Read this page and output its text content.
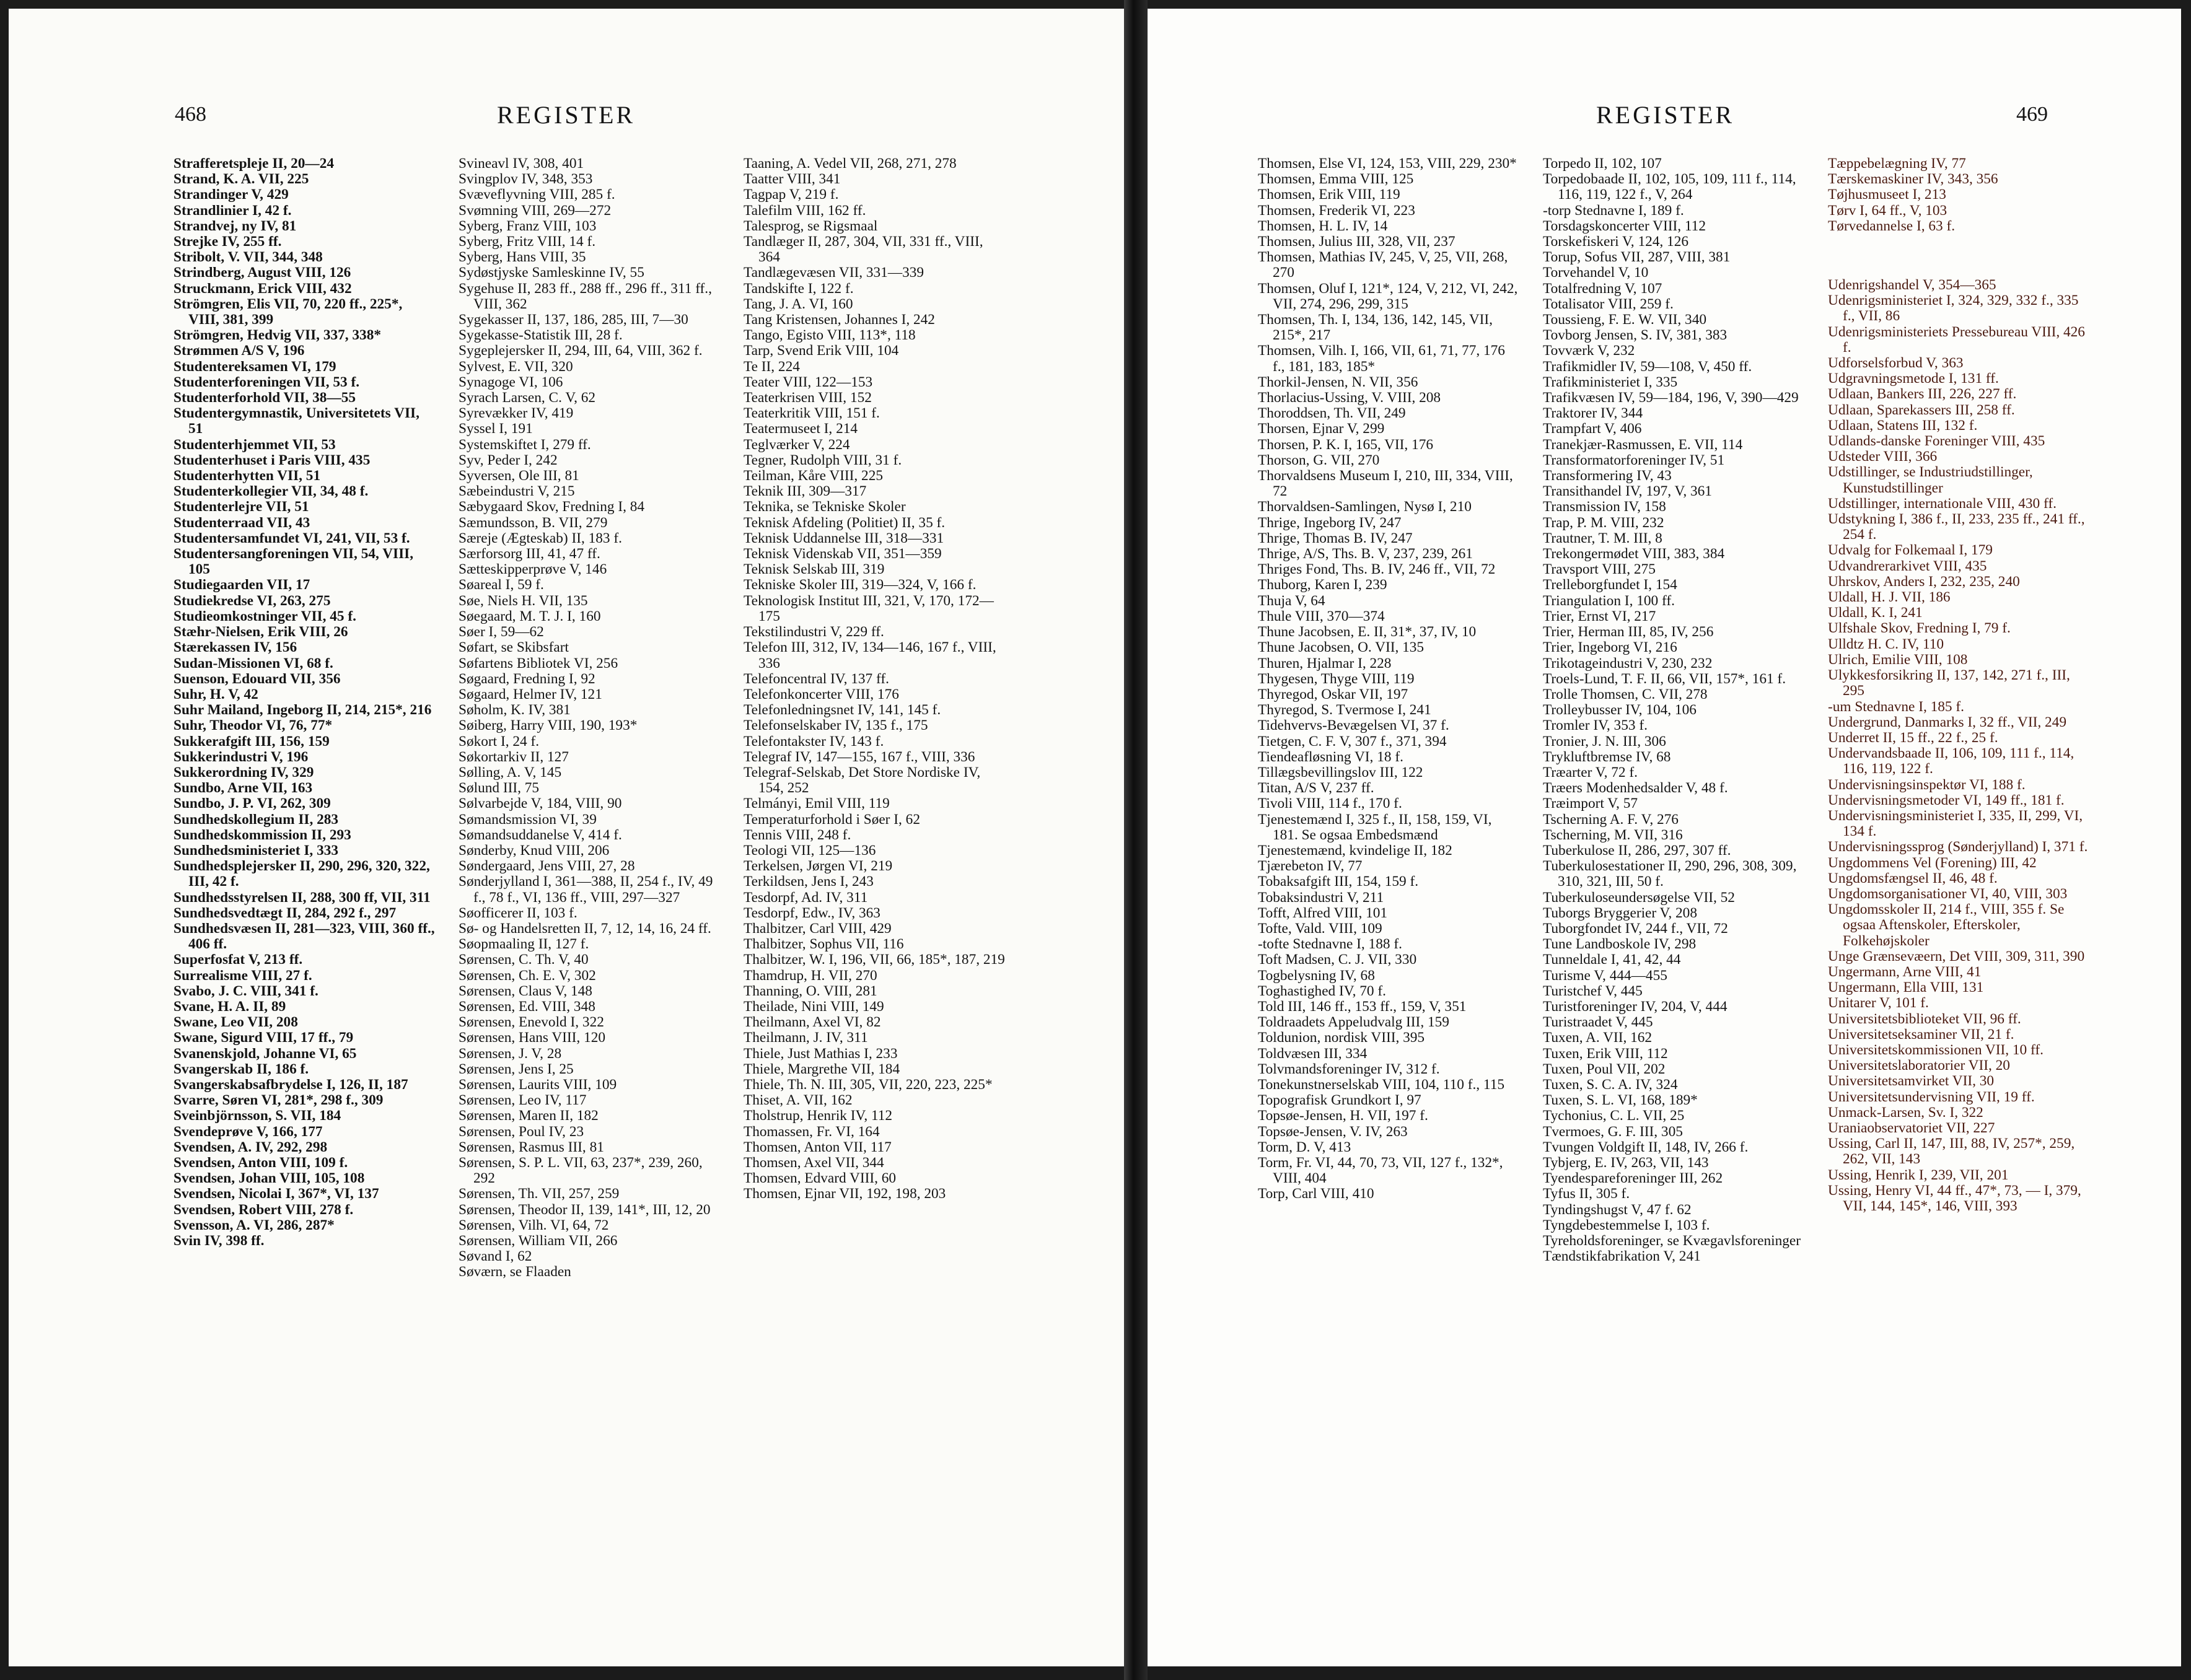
468	REGISTER
Strafferetspleje II, 20—24
Strand, K. A. VII, 225
Strandinger V, 429
Strandlinier I, 42 f.
Strandvej, ny IV, 81
Strejke IV, 255 ff.
Stribolt, V. VII, 344, 348
Strindberg, August VIII, 126
Struckmann, Erick VIII, 432
Strömgren, Elis VII, 70, 220 ff., 225*, VIII, 381, 399
Strömgren, Hedvig VII, 337, 338*
Strømmen A/S V, 196
Studentereksamen VI, 179
Studenterforeningen VII, 53 f.
Studenterforhold VII, 38—55
Studentergymnastik, Universitetets VII, 51
Studenterhjemmet VII, 53
Studenterhuset i Paris VIII, 435
Studenterhytten VII, 51
Studenterkollegier VII, 34, 48 f.
Studenterlejre VII, 51
Studenterraad VII, 43
Studentersamfundet VI, 241, VII, 53 f.
Studentersangforeningen VII, 54, VIII, 105
Studiegaarden VII, 17
Studiekredse VI, 263, 275
Studieomkostninger VII, 45 f.
Stæhr-Nielsen, Erik VIII, 26
Stærekassen IV, 156
Sudan-Missionen VI, 68 f.
Suenson, Edouard VII, 356
Suhr, H. V, 42
Suhr Mailand, Ingeborg II, 214, 215*, 216
Suhr, Theodor VI, 76, 77*
Sukkerafgift III, 156, 159
Sukkerindustri V, 196
Sukkerordning IV, 329
Sundbo, Arne VII, 163
Sundbo, J. P. VI, 262, 309
Sundhedskollegium II, 283
Sundhedskommission II, 293
Sundhedsministeriet I, 333
Sundhedsplejersker II, 290, 296, 320, 322, III, 42 f.
Sundhedsstyrelsen II, 288, 300 ff, VII, 311
Sundhedsvedtægt II, 284, 292 f., 297
Sundhedsvæsen II, 281—323, VIII, 360 ff., 406 ff.
Superfosfat V, 213 ff.
Surrealisme VIII, 27 f.
Svabo, J. C. VIII, 341 f.
Svane, H. A. II, 89
Swane, Leo VII, 208
Swane, Sigurd VIII, 17 ff., 79
Svanenskjold, Johanne VI, 65
Svangerskab II, 186 f.
Svangerskabsafbrydelse I, 126, II, 187
Svarre, Søren VI, 281*, 298 f., 309
Sveinbjörnsson, S. VII, 184
Svendeprøve V, 166, 177
Svendsen, A. IV, 292, 298
Svendsen, Anton VIII, 109 f.
Svendsen, Johan VIII, 105, 108
Svendsen, Nicolai I, 367*, VI, 137
Svendsen, Robert VIII, 278 f.
Svensson, A. VI, 286, 287*
Svin IV, 398 ff.
Svineavl IV, 308, 401
Svingplov IV, 348, 353
Svæveflyvning VIII, 285 f.
Svømning VIII, 269—272
Syberg, Franz VIII, 103
Syberg, Fritz VIII, 14 f.
Syberg, Hans VIII, 35
Sydøstjyske Samleskinne IV, 55
Sygehuse II, 283 ff., 288 ff., 296 ff., 311 ff., VIII, 362
Sygekasser II, 137, 186, 285, III, 7—30
Sygekasse-Statistik III, 28 f.
Sygeplejersker II, 294, III, 64, VIII, 362 f.
Sylvest, E. VII, 320
Synagoge VI, 106
Syrach Larsen, C. V, 62
Syrevækker IV, 419
Syssel I, 191
Systemskiftet I, 279 ff.
Syv, Peder I, 242
Syversen, Ole III, 81
Sæbeindustri V, 215
Sæbygaard Skov, Fredning I, 84
Sæmundsson, B. VII, 279
Særeje (Ægteskab) II, 183 f.
Særforsorg III, 41, 47 ff.
Sætteskipperprøve V, 146
Søareal I, 59 f.
Søe, Niels H. VII, 135
Søegaard, M. T. J. I, 160
Søer I, 59—62
Søfart, se Skibsfart
Søfartens Bibliotek VI, 256
Søgaard, Fredning I, 92
Søgaard, Helmer IV, 121
Søholm, K. IV, 381
Søiberg, Harry VIII, 190, 193*
Søkort I, 24 f.
Søkortarkiv II, 127
Sølling, A. V, 145
Sølund III, 75
Sølvarbejde V, 184, VIII, 90
Sømandsmission VI, 39
Sømandsuddanelse V, 414 f.
Sønderby, Knud VIII, 206
Søndergaard, Jens VIII, 27, 28
Sønderjylland I, 361—388, II, 254 f., IV, 49 f., 78 f., VI, 136 ff., VIII, 297—327
Søofficerer II, 103 f.
Sø- og Handelsretten II, 7, 12, 14, 16, 24 ff.
Søopmaaling II, 127 f.
Sørensen, C. Th. V, 40
Sørensen, Ch. E. V, 302
Sørensen, Claus V, 148
Sørensen, Ed. VIII, 348
Sørensen, Enevold I, 322
Sørensen, Hans VIII, 120
Sørensen, J. V, 28
Sørensen, Jens I, 25
Sørensen, Laurits VIII, 109
Sørensen, Leo IV, 117
Sørensen, Maren II, 182
Sørensen, Poul IV, 23
Sørensen, Rasmus III, 81
Sørensen, S. P. L. VII, 63, 237*, 239, 260, 292
Sørensen, Th. VII, 257, 259
Sørensen, Theodor II, 139, 141*, III, 12, 20
Sørensen, Vilh. VI, 64, 72
Sørensen, William VII, 266
Søvand I, 62
Søværn, se Flaaden
Taaning, A. Vedel VII, 268, 271, 278
Taatter VIII, 341
Tagpap V, 219 f.
Talefilm VIII, 162 ff.
Talesprog, se Rigsmaal
Tandlæger II, 287, 304, VII, 331 ff., VIII, 364
Tandlægevæsen VII, 331—339
Tandskifte I, 122 f.
Tang, J. A. VI, 160
Tang Kristensen, Johannes I, 242
Tango, Egisto VIII, 113*, 118
Tarp, Svend Erik VIII, 104
Te II, 224
Teater VIII, 122—153
Teaterkrisen VIII, 152
Teaterkritik VIII, 151 f.
Teatermuseet I, 214
Teglværker V, 224
Tegner, Rudolph VIII, 31 f.
Teilman, Kåre VIII, 225
Teknik III, 309—317
Teknika, se Tekniske Skoler
Teknisk Afdeling (Politiet) II, 35 f.
Teknisk Uddannelse III, 318—331
Teknisk Videnskab VII, 351—359
Teknisk Selskab III, 319
Tekniske Skoler III, 319—324, V, 166 f.
Teknologisk Institut III, 321, V, 170, 172—175
Tekstilindustri V, 229 ff.
Telefon III, 312, IV, 134—146, 167 f., VIII, 336
Telefoncentral IV, 137 ff.
Telefonkoncerter VIII, 176
Telefonledningsnet IV, 141, 145 f.
Telefonselskaber IV, 135 f., 175
Telefontakster IV, 143 f.
Telegraf IV, 147—155, 167 f., VIII, 336
Telegraf-Selskab, Det Store Nordiske IV, 154, 252
Telmányi, Emil VIII, 119
Temperaturforhold i Søer I, 62
Tennis VIII, 248 f.
Teologi VII, 125—136
Terkelsen, Jørgen VI, 219
Terkildsen, Jens I, 243
Tesdorpf, Ad. IV, 311
Tesdorpf, Edw., IV, 363
Thalbitzer, Carl VIII, 429
Thalbitzer, Sophus VII, 116
Thalbitzer, W. I, 196, VII, 66, 185*, 187, 219
Thamdrup, H. VII, 270
Thanning, O. VIII, 281
Theilade, Nini VIII, 149
Theilmann, Axel VI, 82
Theilmann, J. IV, 311
Thiele, Just Mathias I, 233
Thiele, Margrethe VII, 184
Thiele, Th. N. III, 305, VII, 220, 223, 225*
Thiset, A. VII, 162
Tholstrup, Henrik IV, 112
Thomassen, Fr. VI, 164
Thomsen, Anton VII, 117
Thomsen, Axel VII, 344
Thomsen, Edvard VIII, 60
Thomsen, Ejnar VII, 192, 198, 203
REGISTER	469
Thomsen, Else VI, 124, 153, VIII, 229, 230*
Thomsen, Emma VIII, 125
Thomsen, Erik VIII, 119
Thomsen, Frederik VI, 223
Thomsen, H. L. IV, 14
Thomsen, Julius III, 328, VII, 237
Thomsen, Mathias IV, 245, V, 25, VII, 268, 270
Thomsen, Oluf I, 121*, 124, V, 212, VI, 242, VII, 274, 296, 299, 315
Thomsen, Th. I, 134, 136, 142, 145, VII, 215*, 217
Thomsen, Vilh. I, 166, VII, 61, 71, 77, 176 f., 181, 183, 185*
Thorkil-Jensen, N. VII, 356
Thorlacius-Ussing, V. VIII, 208
Thoroddsen, Th. VII, 249
Thorsen, Ejnar V, 299
Thorsen, P. K. I, 165, VII, 176
Thorson, G. VII, 270
Thorvaldsens Museum I, 210, III, 334, VIII, 72
Thorvaldsen-Samlingen, Nysø I, 210
Thrige, Ingeborg IV, 247
Thrige, Thomas B. IV, 247
Thrige, A/S, Ths. B. V, 237, 239, 261
Thriges Fond, Ths. B. IV, 246 ff., VII, 72
Thuborg, Karen I, 239
Thuja V, 64
Thule VIII, 370—374
Thune Jacobsen, E. II, 31*, 37, IV, 10
Thune Jacobsen, O. VII, 135
Thuren, Hjalmar I, 228
Thygesen, Thyge VIII, 119
Thyregod, Oskar VII, 197
Thyregod, S. Tvermose I, 241
Tidehvervs-Bevægelsen VI, 37 f.
Tietgen, C. F. V, 307 f., 371, 394
Tiendeafløsning VI, 18 f.
Tillægsbevillingslov III, 122
Titan, A/S V, 237 ff.
Tivoli VIII, 114 f., 170 f.
Tjenestemænd I, 325 f., II, 158, 159, VI, 181. Se ogsaa Embedsmænd
Tjenestemænd, kvindelige II, 182
Tjærebeton IV, 77
Tobaksafgift III, 154, 159 f.
Tobaksindustri V, 211
Tofft, Alfred VIII, 101
Tofte, Vald. VIII, 109
-tofte Stednavne I, 188 f.
Toft Madsen, C. J. VII, 330
Togbelysning IV, 68
Toghastighed IV, 70 f.
Told III, 146 ff., 153 ff., 159, V, 351
Toldraadets Appeludvalg III, 159
Toldunion, nordisk VIII, 395
Toldvæsen III, 334
Tolvmandsforeninger IV, 312 f.
Tonekunstnerselskab VIII, 104, 110 f., 115
Topografisk Grundkort I, 97
Topsøe-Jensen, H. VII, 197 f.
Topsøe-Jensen, V. IV, 263
Torm, D. V, 413
Torm, Fr. VI, 44, 70, 73, VII, 127 f., 132*, VIII, 404
Torp, Carl VIII, 410
Torpedo II, 102, 107
Torpedobaade II, 102, 105, 109, 111 f., 114, 116, 119, 122 f., V, 264
-torp Stednavne I, 189 f.
Torsdagskoncerter VIII, 112
Torskefiskeri V, 124, 126
Torup, Sofus VII, 287, VIII, 381
Torvehandel V, 10
Totalfredning V, 107
Totalisator VIII, 259 f.
Toussieng, F. E. W. VII, 340
Tovborg Jensen, S. IV, 381, 383
Tovværk V, 232
Trafikmidler IV, 59—108, V, 450 ff.
Trafikministeriet I, 335
Trafikvæsen IV, 59—184, 196, V, 390—429
Traktorer IV, 344
Trampfart V, 406
Tranekjær-Rasmussen, E. VII, 114
Transformatorforeninger IV, 51
Transformering IV, 43
Transithandel IV, 197, V, 361
Transmission IV, 158
Trap, P. M. VIII, 232
Trautner, T. M. III, 8
Trekongermødet VIII, 383, 384
Travsport VIII, 275
Trelleborgfundet I, 154
Triangulation I, 100 ff.
Trier, Ernst VI, 217
Trier, Herman III, 85, IV, 256
Trier, Ingeborg VI, 216
Trikotageindustri V, 230, 232
Troels-Lund, T. F. II, 66, VII, 157*, 161 f.
Trolle Thomsen, C. VII, 278
Trolleybusser IV, 104, 106
Tromler IV, 353 f.
Tronier, J. N. III, 306
Trykluftbremse IV, 68
Træarter V, 72 f.
Træers Modenhedsalder V, 48 f.
Træimport V, 57
Tscherning A. F. V, 276
Tscherning, M. VII, 316
Tuberkulose II, 286, 297, 307 ff.
Tuberkulosestationer II, 290, 296, 308, 309, 310, 321, III, 50 f.
Tuberkuloseundersøgelse VII, 52
Tuborgs Bryggerier V, 208
Tuborgfondet IV, 244 f., VII, 72
Tune Landboskole IV, 298
Tunneldale I, 41, 42, 44
Turisme V, 444—455
Turistchef V, 445
Turistforeninger IV, 204, V, 444
Turistraadet V, 445
Tuxen, A. VII, 162
Tuxen, Erik VIII, 112
Tuxen, Poul VII, 202
Tuxen, S. C. A. IV, 324
Tuxen, S. L. VI, 168, 189*
Tychonius, C. L. VII, 25
Tvermoes, G. F. III, 305
Tvungen Voldgift II, 148, IV, 266 f.
Tybjerg, E. IV, 263, VII, 143
Tyendespareforeninger III, 262
Tyfus II, 305 f.
Tyndingshugst V, 47 f. 62
Tyngdebestemmelse I, 103 f.
Tyreholdsforeninger, se Kvægavlsforeninger
Tændstikfabrikation V, 241
Tæppebelægning IV, 77
Tærskemaskiner IV, 343, 356
Tøjhusmuseet I, 213
Tørv I, 64 ff., V, 103
Tørvedannelse I, 63 f.
Udenrigshandel V, 354—365
Udenrigsministeriet I, 324, 329, 332 f., 335 f., VII, 86
Udenrigsministeriets Pressebureau VIII, 426 f.
Udforselsforbud V, 363
Udgravningsmetode I, 131 ff.
Udlaan, Bankers III, 226, 227 ff.
Udlaan, Sparekassers III, 258 ff.
Udlaan, Statens III, 132 f.
Udlands-danske Foreninger VIII, 435
Udsteder VIII, 366
Udstillinger, se Industriudstillinger, Kunstudstillinger
Udstillinger, internationale VIII, 430 ff.
Udstykning I, 386 f., II, 233, 235 ff., 241 ff., 254 f.
Udvalg for Folkemaal I, 179
Udvandrerarkivet VIII, 435
Uhrskov, Anders I, 232, 235, 240
Uldall, H. J. VII, 186
Uldall, K. I, 241
Ulfshale Skov, Fredning I, 79 f.
Ulldtz H. C. IV, 110
Ulrich, Emilie VIII, 108
Ulykkesforsikring II, 137, 142, 271 f., III, 295
-um Stednavne I, 185 f.
Undergrund, Danmarks I, 32 ff., VII, 249
Underret II, 15 ff., 22 f., 25 f.
Undervandsbaade II, 106, 109, 111 f., 114, 116, 119, 122 f.
Undervisningsinspektør VI, 188 f.
Undervisningsmetoder VI, 149 ff., 181 f.
Undervisningsministeriet I, 335, II, 299, VI, 134 f.
Undervisningssprog (Sønderjylland) I, 371 f.
Ungdommens Vel (Forening) III, 42
Ungdomsfængsel II, 46, 48 f.
Ungdomsorganisationer VI, 40, VIII, 303
Ungdomsskoler II, 214 f., VIII, 355 f. Se ogsaa Aftenskoler, Efterskoler, Folkehøjskoler
Unge Grænsevæern, Det VIII, 309, 311, 390
Ungermann, Arne VIII, 41
Ungermann, Ella VIII, 131
Unitarer V, 101 f.
Universitetsbiblioteket VII, 96 ff.
Universitetseksaminer VII, 21 f.
Universitetskommissionen VII, 10 ff.
Universitetslaboratorier VII, 20
Universitetsamvirket VII, 30
Universitetsundervisning VII, 19 ff.
Unmack-Larsen, Sv. I, 322
Uraniaobservatoriet VII, 227
Ussing, Carl II, 147, III, 88, IV, 257*, 259, 262, VII, 143
Ussing, Henrik I, 239, VII, 201
Ussing, Henry VI, 44 ff., 47*, 73, — I, 379, VII, 144, 145*, 146, VIII, 393
